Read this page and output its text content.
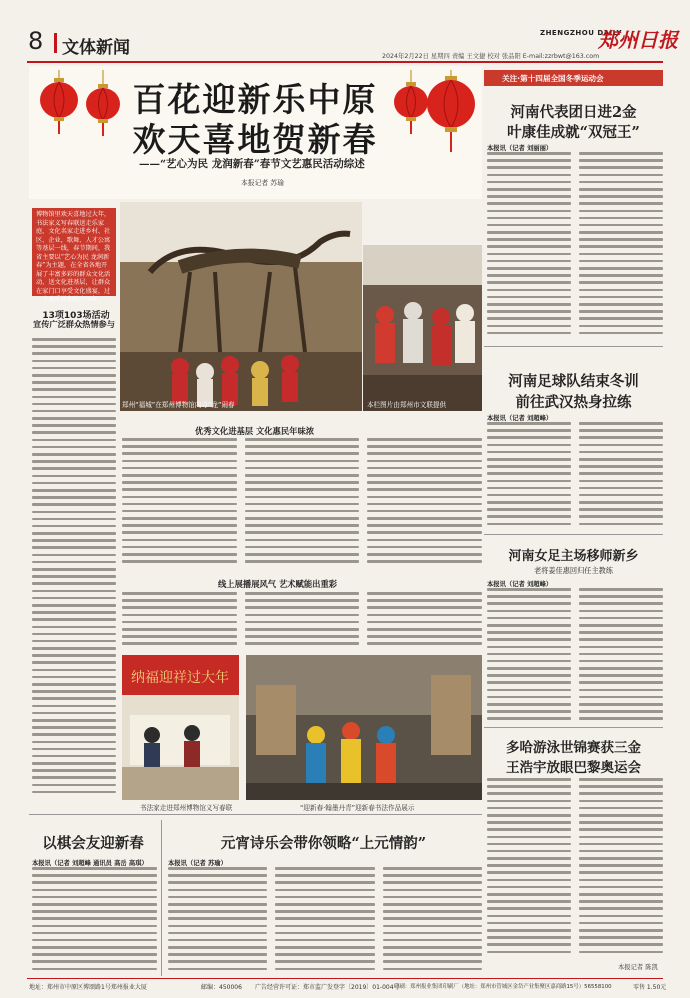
8 文体新闻
ZHENGZHOU DAILY
郑州日报
2024年2月22日 星期四 责编 王文捷 校对 张品阳 E-mail:zzrbwt@163.com
百花迎新乐中原
欢天喜地贺新春
——“艺心为民 龙润新春”春节文艺惠民活动综述
本报记者 苏瑜
博物馆里欢天喜地过大年，书法家义写春联送走乐家庭，文化名家走进乡村、社区、企业，歌舞、人才公寓等基层一线，春节期间，我省主要以“艺心为民 龙润新春”为主题，在全省各地开展了丰富多彩的群众文化活动，送文化进基层，让群众在家门口享受文化盛宴，过一个欢乐祥和的中国年。
13项103场活动
宣传广泛群众热情参与
郑州“福城”在郑州博物馆内寻“龙”闹春	本栏图片由郑州市文联提供
优秀文化进基层 文化惠民年味浓
线上展播展风气 艺术赋能出重彩
纳福迎祥过大年
书法家走进郑州博物馆义写春联	“迎新春·翰墨丹青”迎新春书法作品展示
关注·第十四届全国冬季运动会
河南代表团日进2金
叶康佳成就“双冠王”
本报讯（记者 刘丽丽）
河南足球队结束冬训
前往武汉热身拉练
本报讯（记者 刘超峰）
河南女足主场移师新乡
老将姜佳惠回归任主教练
本报讯（记者 刘超峰）
多哈游泳世锦赛获三金
王浩宇放眼巴黎奥运会
本报记者 陈凯
以棋会友迎新春
本报讯（记者 刘超峰 通讯员 高岳 高琪）
元宵诗乐会带你领略“上元情韵”
本报讯（记者 苏瑜）
地址：郑州市中原区博颂路1号郑州报业大厦	邮编：450006 广告经营许可证：郑市监广发登字〔2019〕01-004号
印刷：郑州报业集团印刷厂（地址：郑州市管城区金岱产业集聚区嘉商路15号）56558100	零售 1.50元
